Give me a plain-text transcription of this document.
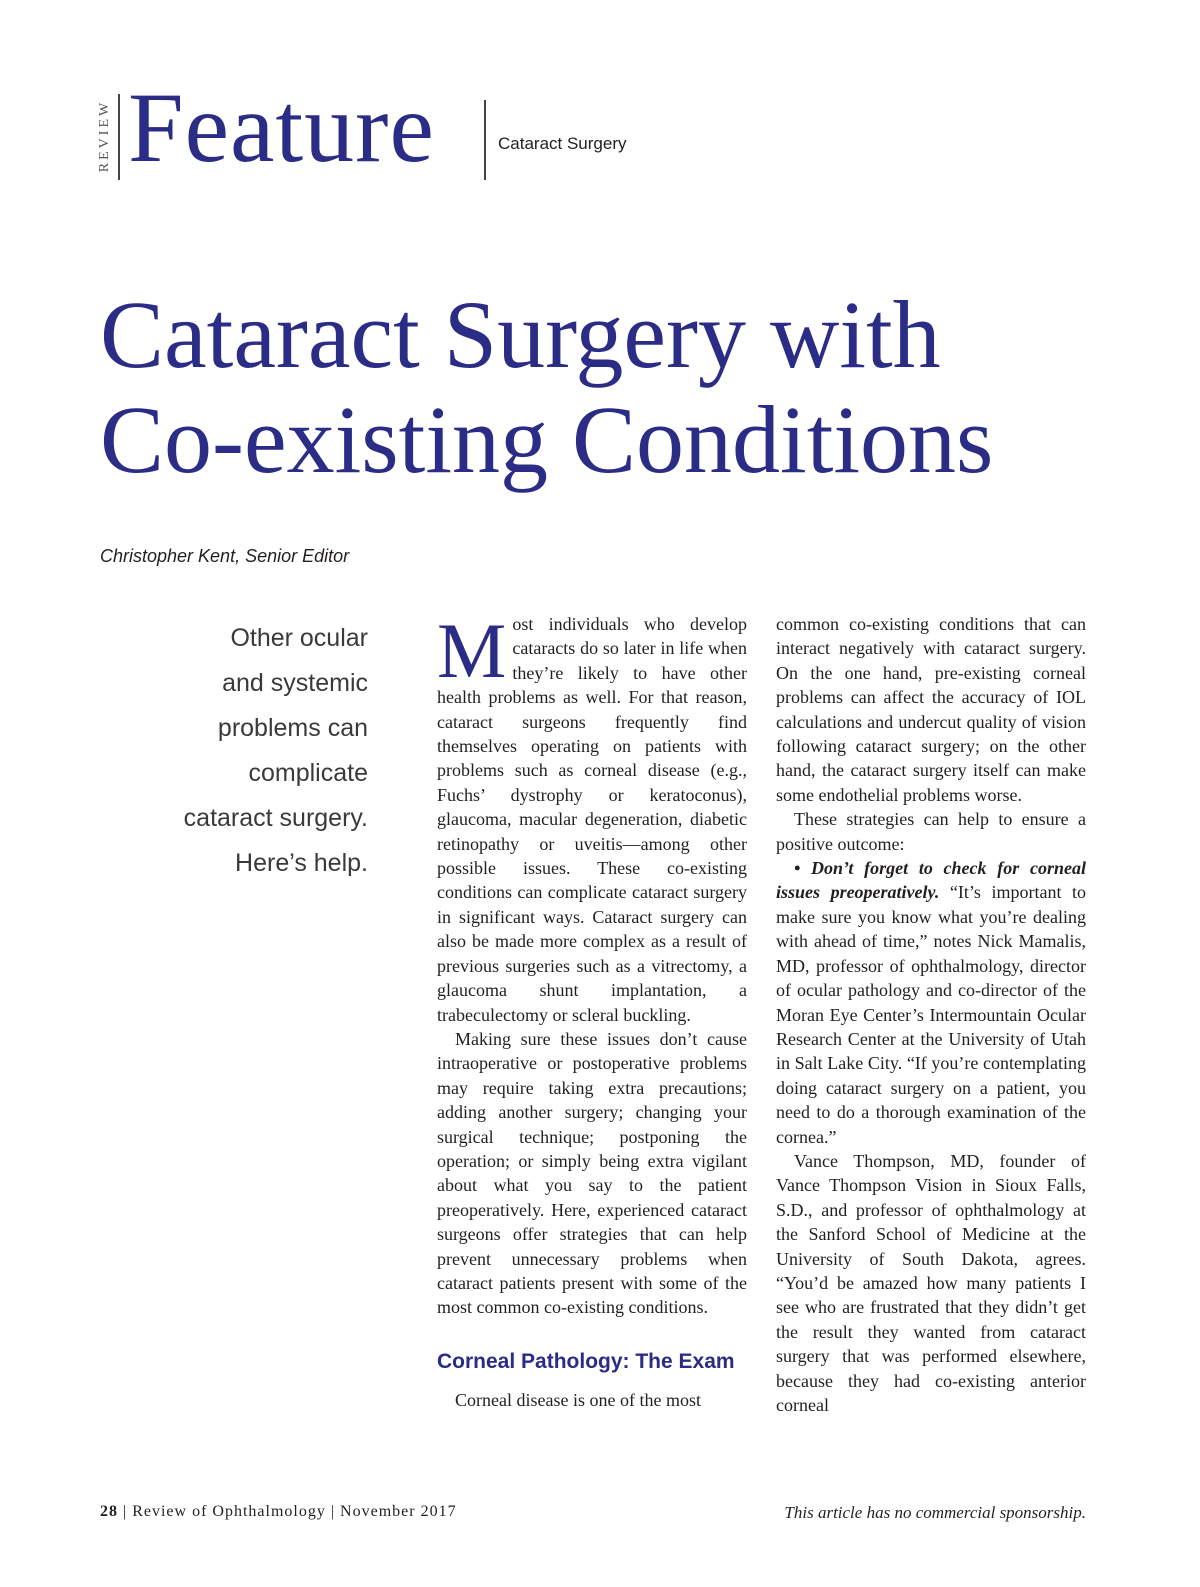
REVIEW Feature	Cataract Surgery
Cataract Surgery with
Co-existing Conditions
Christopher Kent, Senior Editor
Other ocular
and systemic
problems can
complicate
cataract surgery.
Here’s help.

Most individuals who develop cataracts do so later in life when they’re likely to have other health problems as well. For that reason, cataract surgeons frequently find themselves operating on patients with problems such as corneal disease (e.g., Fuchs’ dystrophy or keratoconus), glaucoma, macular degeneration, diabetic retinopathy or uveitis—among other possible issues. These co-existing conditions can complicate cataract surgery in significant ways. Cataract surgery can also be made more complex as a result of previous surgeries such as a vitrectomy, a glaucoma shunt implantation, a trabeculectomy or scleral buckling.

Making sure these issues don’t cause intraoperative or postoperative problems may require taking extra precautions; adding another surgery; changing your surgical technique; postponing the operation; or simply being extra vigilant about what you say to the patient preoperatively. Here, experienced cataract surgeons offer strategies that can help prevent unnecessary problems when cataract patients present with some of the most common co-existing conditions.

Corneal Pathology: The Exam

Corneal disease is one of the most

common co-existing conditions that can interact negatively with cataract surgery. On the one hand, pre-existing corneal problems can affect the accuracy of IOL calculations and undercut quality of vision following cataract surgery; on the other hand, the cataract surgery itself can make some endothelial problems worse.

These strategies can help to ensure a positive outcome:

• Don’t forget to check for corneal issues preoperatively. “It’s important to make sure you know what you’re dealing with ahead of time,” notes Nick Mamalis, MD, professor of ophthalmology, director of ocular pathology and co-director of the Moran Eye Center’s Intermountain Ocular Research Center at the University of Utah in Salt Lake City. “If you’re contemplating doing cataract surgery on a patient, you need to do a thorough examination of the cornea.”

Vance Thompson, MD, founder of Vance Thompson Vision in Sioux Falls, S.D., and professor of ophthalmology at the Sanford School of Medicine at the University of South Dakota, agrees. “You’d be amazed how many patients I see who are frustrated that they didn’t get the result they wanted from cataract surgery that was performed elsewhere, because they had co-existing anterior corneal

28 | Review of Ophthalmology | November 2017	This article has no commercial sponsorship.
